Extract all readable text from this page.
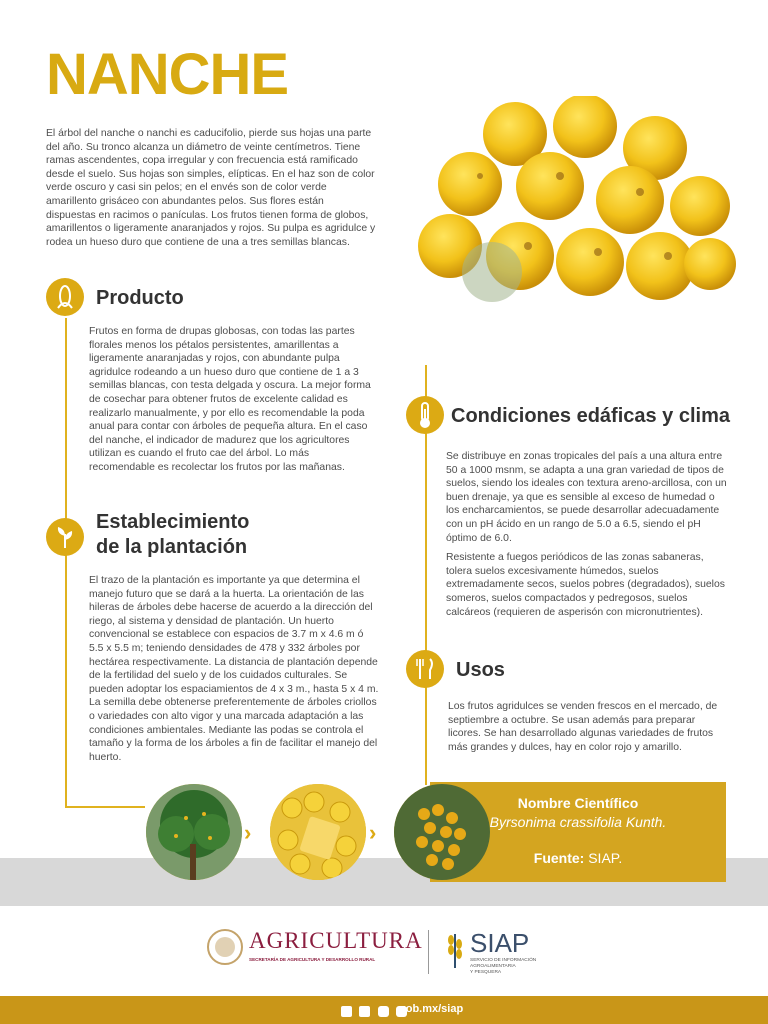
NANCHE
El árbol del nanche o nanchi es caducifolio, pierde sus hojas una parte del año. Su tronco alcanza un diámetro de veinte centímetros. Tiene ramas ascendentes, copa irregular y con frecuencia está ramificado desde el suelo. Sus hojas son simples, elípticas. En el haz son de color verde oscuro y casi sin pelos; en el envés son de color verde amarillento grisáceo con abundantes pelos. Sus flores están dispuestas en racimos o panículas. Los frutos tienen forma de globos, amarillentos o ligeramente anaranjados y rojos. Su pulpa es agridulce y rodea un hueso duro que contiene de una a tres semillas blancas.
Producto
Frutos en forma de drupas globosas, con todas las partes florales menos los pétalos persistentes, amarillentas a ligeramente anaranjadas y rojos, con abundante pulpa agridulce rodeando a un hueso duro que contiene de 1 a 3 semillas blancas, con testa delgada y oscura. La mejor forma de cosechar para obtener frutos de excelente calidad es realizarlo manualmente, y por ello es recomendable la poda anual para contar con árboles de pequeña altura. En el caso del nanche, el indicador de madurez que los agricultores utilizan es cuando el fruto cae del árbol. Lo más recomendable es recolectar los frutos por las mañanas.
Establecimiento
de la plantación
El trazo de la plantación es importante ya que determina el manejo futuro que se dará a la huerta. La orientación de las hileras de árboles debe hacerse de acuerdo a la dirección del riego, al sistema y densidad de plantación. Un huerto convencional se establece con espacios de 3.7 m x 4.6 m ó 5.5 x 5.5 m; teniendo densidades de 478 y 332 árboles por hectárea respectivamente. La distancia de plantación depende de la fertilidad del suelo y de los cuidados culturales. Se pueden adoptar los espaciamientos de 4 x 3 m., hasta 5 x 4 m. La semilla debe obtenerse preferentemente de árboles criollos o variedades con alto vigor y una marcada adaptación a las condiciones ambientales. Mediante las podas se controla el tamaño y la forma de los árboles a fin de facilitar el manejo del huerto.
Condiciones edáficas y clima

Se distribuye en zonas tropicales del país a una altura entre 50 a 1000 msnm, se adapta a una gran variedad de tipos de suelos, siendo los ideales con textura areno-arcillosa, con un buen drenaje, ya que es sensible al exceso de humedad o los encharcamientos, se puede desarrollar adecuadamente con un pH ácido en un rango de 5.0 a 6.5, siendo el pH óptimo de 6.0.

Resistente a fuegos periódicos de las zonas sabaneras, tolera suelos excesivamente húmedos, suelos extremadamente secos, suelos pobres (degradados), suelos someros, suelos compactados y pedregosos, suelos calcáreos (requieren de asperisón con micronutrientes).

Usos
Los frutos agridulces se venden frescos en el mercado, de septiembre a octubre. Se usan además para preparar licores. Se han desarrollado algunas variedades de frutos más grandes y dulces, hay en color rojo y amarillo.
Nombre Científico
Byrsonima crassifolia Kunth.
Fuente: SIAP.
›	›
AGRICULTURA
SECRETARÍA DE AGRICULTURA Y DESARROLLO RURAL
SIAP
SERVICIO DE INFORMACIÓN
AGROALIMENTARIA
Y PESQUERA

gob.mx/siap
